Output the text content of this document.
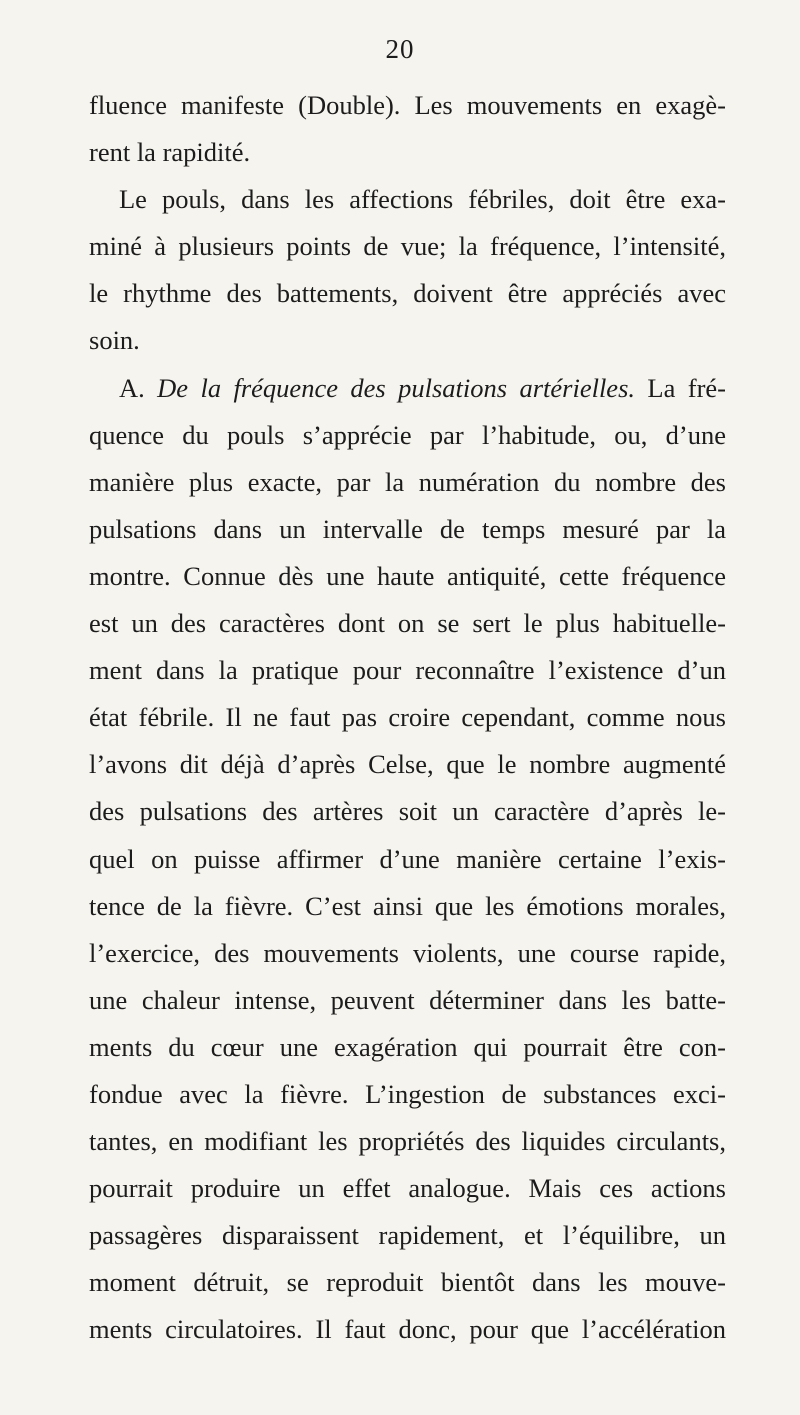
20
fluence manifeste (Double). Les mouvements en exagè-
rent la rapidité.
Le pouls, dans les affections fébriles, doit être exa-
miné à plusieurs points de vue; la fréquence, l’intensité,
le rhythme des battements, doivent être appréciés avec
soin.
A. De la fréquence des pulsations artérielles. La fré-
quence du pouls s’apprécie par l’habitude, ou, d’une
manière plus exacte, par la numération du nombre des
pulsations dans un intervalle de temps mesuré par la
montre. Connue dès une haute antiquité, cette fréquence
est un des caractères dont on se sert le plus habituelle-
ment dans la pratique pour reconnaître l’existence d’un
état fébrile. Il ne faut pas croire cependant, comme nous
l’avons dit déjà d’après Celse, que le nombre augmenté
des pulsations des artères soit un caractère d’après le-
quel on puisse affirmer d’une manière certaine l’exis-
tence de la fièvre. C’est ainsi que les émotions morales,
l’exercice, des mouvements violents, une course rapide,
une chaleur intense, peuvent déterminer dans les batte-
ments du cœur une exagération qui pourrait être con-
fondue avec la fièvre. L’ingestion de substances exci-
tantes, en modifiant les propriétés des liquides circulants,
pourrait produire un effet analogue. Mais ces actions
passagères disparaissent rapidement, et l’équilibre, un
moment détruit, se reproduit bientôt dans les mouve-
ments circulatoires. Il faut donc, pour que l’accélération
